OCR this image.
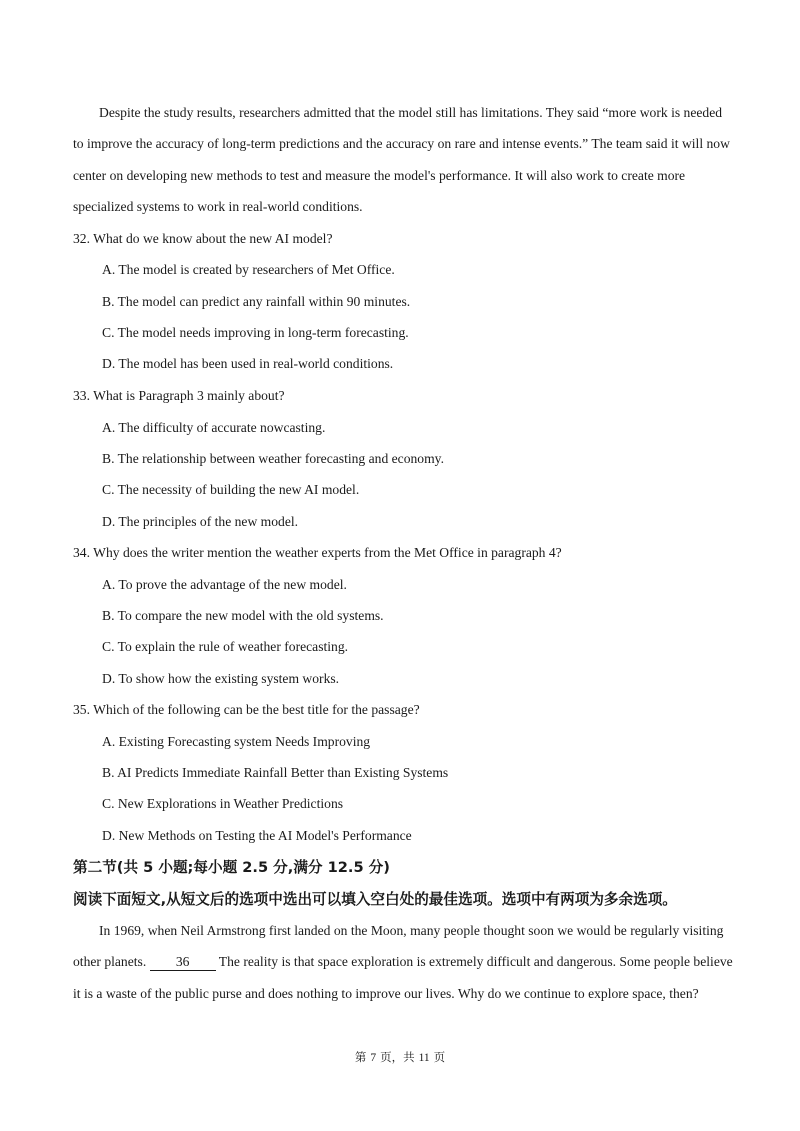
Despite the study results, researchers admitted that the model still has limitations. They said “more work is needed to improve the accuracy of long-term predictions and the accuracy on rare and intense events.” The team said it will now center on developing new methods to test and measure the model's performance. It will also work to create more specialized systems to work in real-world conditions.

32. What do we know about the new AI model?

A. The model is created by researchers of Met Office.

B. The model can predict any rainfall within 90 minutes.

C. The model needs improving in long-term forecasting.

D. The model has been used in real-world conditions.

33. What is Paragraph 3 mainly about?

A. The difficulty of accurate nowcasting.

B. The relationship between weather forecasting and economy.

C. The necessity of building the new AI model.

D. The principles of the new model.

34. Why does the writer mention the weather experts from the Met Office in paragraph 4?

A. To prove the advantage of the new model.

B. To compare the new model with the old systems.

C. To explain the rule of weather forecasting.

D. To show how the existing system works.

35. Which of the following can be the best title for the passage?

A. Existing Forecasting system Needs Improving

B. AI Predicts Immediate Rainfall Better than Existing Systems

C. New Explorations in Weather Predictions

D. New Methods on Testing the AI Model's Performance

第二节(共 5 小题;每小题 2.5 分,满分 12.5 分)

阅读下面短文,从短文后的选项中选出可以填入空白处的最佳选项。选项中有两项为多余选项。

In 1969, when Neil Armstrong first landed on the Moon, many people thought soon we would be regularly visiting other planets. 36 The reality is that space exploration is extremely difficult and dangerous. Some people believe it is a waste of the public purse and does nothing to improve our lives. Why do we continue to explore space, then?

第 7 页，共 11 页
